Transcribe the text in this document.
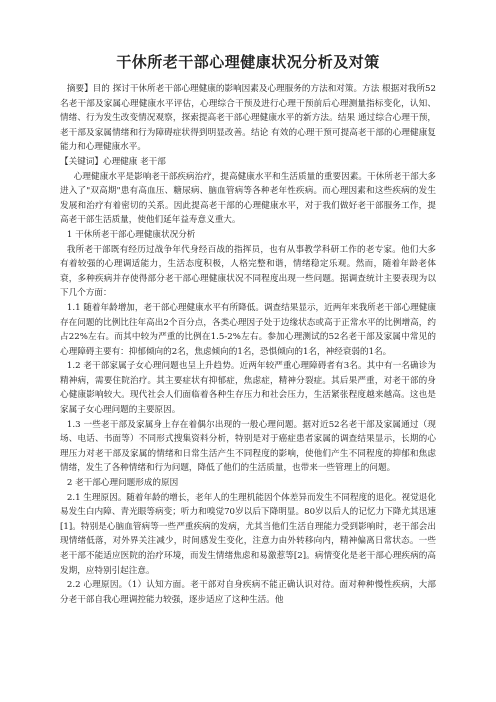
干休所老干部心理健康状况分析及对策

摘要】目的 探讨干休所老干部心理健康的影响因素及心理服务的方法和对策。方法 根据对我所52名老干部及家属心理健康水平评估，心理综合干预及进行心理干预前后心理测量指标变化，认知、情绪、行为发生改变情况观察，探索提高老干部心理健康水平的新方法。结果 通过综合心理干预，老干部及家属情绪和行为障碍症状得到明显改善。结论 有效的心理干预可提高老干部的心理健康复能力和心理健康水平。

【关键词】心理健康 老干部

心理健康水平是影响老干部疾病治疗，提高健康水平和生活质量的重要因素。干休所老干部大多进入了"双高期"患有高血压、糖尿病、脑血管病等各种老年性疾病。而心理因素和这些疾病的发生发展和治疗有着密切的关系。因此提高老干部的心理健康水平，对于我们做好老干部服务工作，提高老干部生活质量，使他们延年益寿意义重大。

1 干休所老干部心理健康状况分析

我所老干部既有经历过战争年代身经百战的指挥员，也有从事教学科研工作的老专家。他们大多有着较强的心理调适能力，生活态度积极，人格完整和谐，情绪稳定乐观。然而，随着年龄老体衰，多种疾病并存使得部分老干部心理健康状况不同程度出现一些问题。据调查统计主要表现为以下几个方面：

1.1 随着年龄增加，老干部心理健康水平有所降低。调查结果显示，近两年来我所老干部心理健康存在问题的比例比往年高出2个百分点，各类心理因子处于边缘状态或高于正常水平的比例增高，约占22%左右。而其中较为严重的比例在1.5-2%左右。参加心理测试的52名老干部及家属中常见的心理障碍主要有：抑郁倾向的2名，焦虑倾向的1名，恐惧倾向的1名，神经衰弱的1名。

1.2 老干部家属子女心理问题也呈上升趋势。近两年较严重心理障碍者有3名。其中有一名确诊为精神病，需要住院治疗。其主要症状有抑郁症，焦虑症，精神分裂症。其后果严重，对老干部的身心健康影响较大。现代社会人们面临着各种生存压力和社会压力，生活紧张程度越来越高。这也是家属子女心理问题的主要原因。

1.3 一些老干部及家属身上存在着偶尔出现的一般心理问题。据对近52名老干部及家属通过（现场、电话、书面等）不同形式搜集资料分析，特别是对于癌症患者家属的调查结果显示，长期的心理压力对老干部及家属的情绪和日常生活产生不同程度的影响，使他们产生不同程度的抑郁和焦虑情绪，发生了各种情绪和行为问题，降低了他们的生活质量，也带来一些管理上的问题。

2 老干部心理问题形成的原因

2.1 生理原因。随着年龄的增长，老年人的生理机能因个体差异而发生不同程度的退化。视觉退化易发生白内障、青光眼等病变；听力和嗅觉70岁以后下降明显。80岁以后人的记忆力下降尤其迅速[1]。特别是心脑血管病等一些严重疾病的发病，尤其当他们生活自理能力受到影响时，老干部会出现情绪低落，对外界关注减少，时间感发生变化，注意力由外转移向内，精神偏离日常状态。一些老干部不能适应医院的治疗环境，而发生情绪焦虑和易激惹等[2]。病情变化是老干部心理疾病的高发期，应特别引起注意。

2.2 心理原因。（1）认知方面。老干部对自身疾病不能正确认识对待。面对种种慢性疾病，大部分老干部自我心理调控能力较强，逐步适应了这种生活。他
